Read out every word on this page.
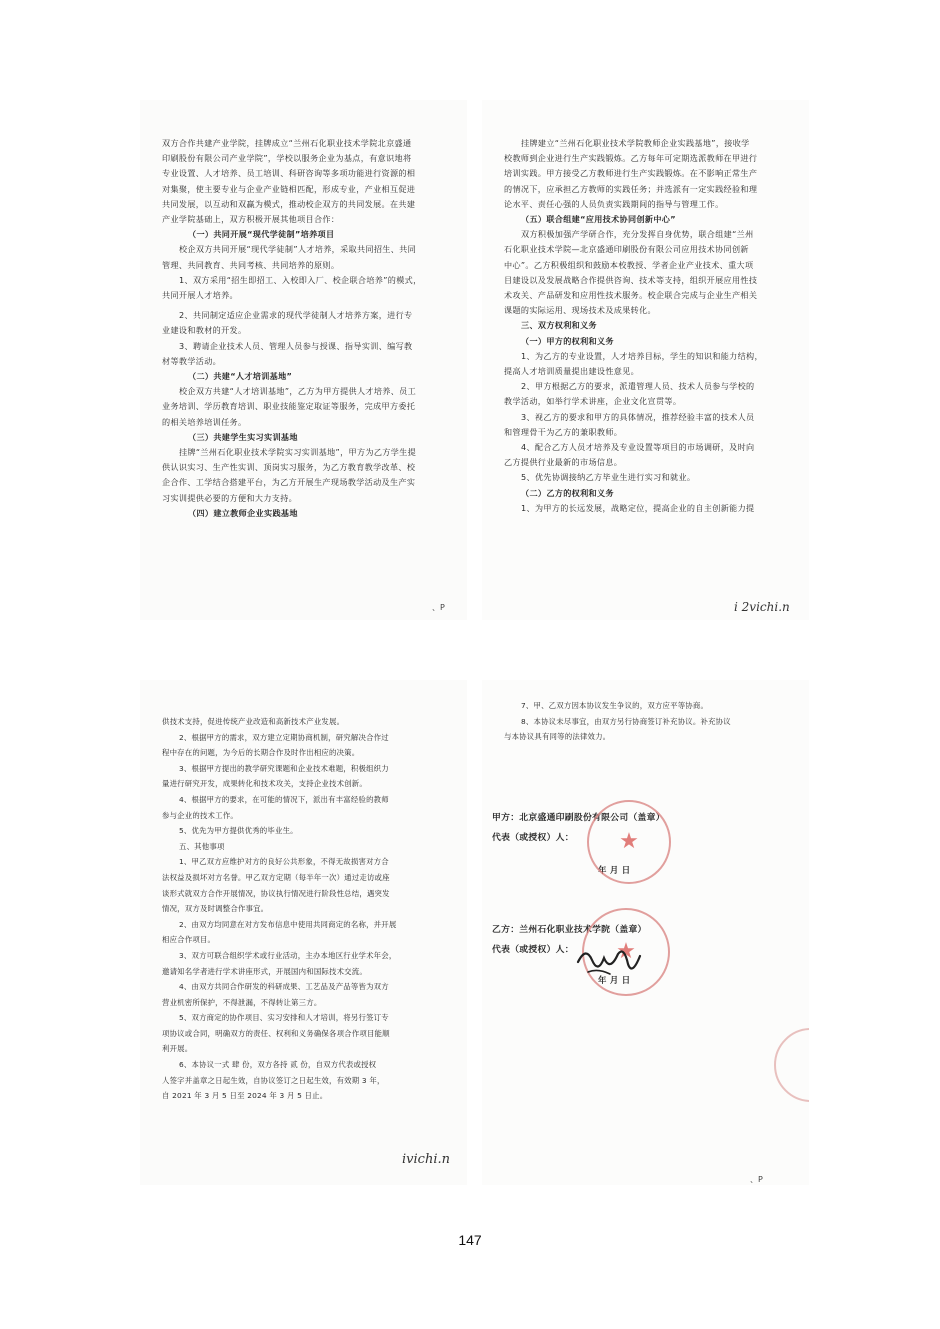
双方合作共建产业学院，挂牌成立“兰州石化职业技术学院北京盛通
印刷股份有限公司产业学院”，学校以服务企业为基点，有意识地将
专业设置、人才培养、员工培训、科研咨询等多项功能进行资源的相
对集聚，使主要专业与企业产业链相匹配，形成专业，产业相互促进
共同发展，以互动和双赢为模式，推动校企双方的共同发展。在共建
产业学院基础上，双方积极开展其他项目合作：
（一）共同开展“现代学徒制”培养项目
校企双方共同开展“现代学徒制”人才培养，采取共同招生、共同
管理、共同教育、共同考核、共同培养的原则。
1、双方采用“招生即招工、入校即入厂、校企联合培养”的模式，
共同开展人才培养。
2、共同制定适应企业需求的现代学徒制人才培养方案，进行专
业建设和教材的开发。
3、聘请企业技术人员、管理人员参与授课、指导实训、编写教
材等教学活动。
（二）共建“人才培训基地”
校企双方共建“人才培训基地”，乙方为甲方提供人才培养、员工
业务培训、学历教育培训、职业技能鉴定取证等服务，完成甲方委托
的相关培养培训任务。
（三）共建学生实习实训基地
挂牌“兰州石化职业技术学院实习实训基地”，甲方为乙方学生提
供认识实习、生产性实训、顶岗实习服务，为乙方教育教学改革、校
企合作、工学结合搭建平台，为乙方开展生产现场教学活动及生产实
习实训提供必要的方便和大力支持。
（四）建立教师企业实践基地
、P
挂牌建立“兰州石化职业技术学院教师企业实践基地”，接收学
校教师到企业进行生产实践锻炼。乙方每年可定期选派教师在甲进行
培训实践。甲方接受乙方教师进行生产实践锻炼。在不影响正常生产
的情况下，应承担乙方教师的实践任务；并选派有一定实践经验和理
论水平、责任心强的人员负责实践期间的指导与管理工作。
（五）联合组建“应用技术协同创新中心”
双方积极加强产学研合作，充分发挥自身优势，联合组建“兰州
石化职业技术学院—北京盛通印刷股份有限公司应用技术协同创新
中心”。乙方积极组织和鼓励本校教授、学者企业产业技术、重大项
目建设以及发展战略合作提供咨询、技术等支持，组织开展应用性技
术攻关、产品研发和应用性技术服务。校企联合完成与企业生产相关
课题的实际运用、现场技术及成果转化。
三、双方权利和义务
（一）甲方的权利和义务
1、为乙方的专业设置，人才培养目标，学生的知识和能力结构，
提高人才培训质量提出建设性意见。
2、甲方根据乙方的要求，派遣管理人员、技术人员参与学校的
教学活动，如举行学术讲座，企业文化宣贯等。
3、视乙方的要求和甲方的具体情况，推荐经验丰富的技术人员
和管理骨干为乙方的兼职教师。
4、配合乙方人员才培养及专业设置等项目的市场调研，及时向
乙方提供行业最新的市场信息。
5、优先协调接纳乙方毕业生进行实习和就业。
（二）乙方的权利和义务
1、为甲方的长远发展，战略定位，提高企业的自主创新能力提
i 2vichi.n
供技术支持，促进传统产业改造和高新技术产业发展。
2、根据甲方的需求，双方建立定期协商机制，研究解决合作过
程中存在的问题，为今后的长期合作及时作出相应的决策。
3、根据甲方提出的教学研究课题和企业技术难题，积极组织力
量进行研究开发，成果转化和技术攻关，支持企业技术创新。
4、根据甲方的要求，在可能的情况下，派出有丰富经验的教师
参与企业的技术工作。
5、优先为甲方提供优秀的毕业生。
五、其他事项
1、甲乙双方应维护对方的良好公共形象，不得无故损害对方合
法权益及损坏对方名誉。甲乙双方定期（每半年一次）通过走访或座
谈形式就双方合作开展情况，协议执行情况进行阶段性总结，遇突发
情况，双方及时调整合作事宜。
2、由双方均同意在对方发布信息中使用共同商定的名称，并开展
相应合作项目。
3、双方可联合组织学术或行业活动，主办本地区行业学术年会，
邀请知名学者进行学术讲座形式，开展国内和国际技术交流。
4、由双方共同合作研发的科研成果、工艺品及产品等皆为双方
营业机密所保护，不得泄漏，不得转让第三方。
5、双方商定的协作项目、实习安排和人才培训，将另行签订专
项协议或合同，明确双方的责任、权利和义务确保各项合作项目能顺
利开展。
6、本协议一式 肆 份，双方各持 贰 份，自双方代表或授权
人签字并盖章之日起生效，自协议签订之日起生效，有效期 3 年，
自 2021 年 3 月 5 日至 2024 年 3 月 5 日止。
ivichi.n
7、甲、乙双方因本协议发生争议的，双方应平等协商。
8、本协议未尽事宜，由双方另行协商签订补充协议。补充协议
与本协议具有同等的法律效力。
甲方：北京盛通印刷股份有限公司（盖章）
代表（或授权）人：
年 月 日
★
乙方：兰州石化职业技术学院（盖章）
代表（或授权）人：
年 月 日
★
、P
147
